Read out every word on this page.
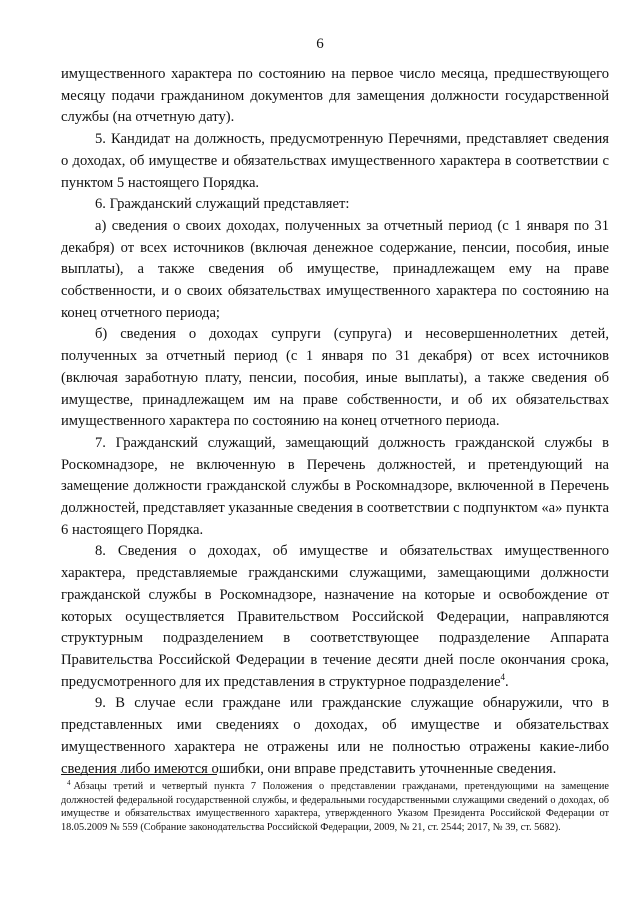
6

имущественного характера по состоянию на первое число месяца, предшествующего месяцу подачи гражданином документов для замещения должности государственной службы (на отчетную дату).

5. Кандидат на должность, предусмотренную Перечнями, представляет сведения о доходах, об имуществе и обязательствах имущественного характера в соответствии с пунктом 5 настоящего Порядка.

6. Гражданский служащий представляет:

а) сведения о своих доходах, полученных за отчетный период (с 1 января по 31 декабря) от всех источников (включая денежное содержание, пенсии, пособия, иные выплаты), а также сведения об имуществе, принадлежащем ему на праве собственности, и о своих обязательствах имущественного характера по состоянию на конец отчетного периода;

б) сведения о доходах супруги (супруга) и несовершеннолетних детей, полученных за отчетный период (с 1 января по 31 декабря) от всех источников (включая заработную плату, пенсии, пособия, иные выплаты), а также сведения об имуществе, принадлежащем им на праве собственности, и об их обязательствах имущественного характера по состоянию на конец отчетного периода.

7. Гражданский служащий, замещающий должность гражданской службы в Роскомнадзоре, не включенную в Перечень должностей, и претендующий на замещение должности гражданской службы в Роскомнадзоре, включенной в Перечень должностей, представляет указанные сведения в соответствии с подпунктом «а» пункта 6 настоящего Порядка.

8. Сведения о доходах, об имуществе и обязательствах имущественного характера, представляемые гражданскими служащими, замещающими должности гражданской службы в Роскомнадзоре, назначение на которые и освобождение от которых осуществляется Правительством Российской Федерации, направляются структурным подразделением в соответствующее подразделение Аппарата Правительства Российской Федерации в течение десяти дней после окончания срока, предусмотренного для их представления в структурное подразделение$^4$.

9. В случае если граждане или гражданские служащие обнаружили, что в представленных ими сведениях о доходах, об имуществе и обязательствах имущественного характера не отражены или не полностью отражены какие-либо сведения либо имеются ошибки, они вправе представить уточненные сведения.

$^4$ Абзацы третий и четвертый пункта 7 Положения о представлении гражданами, претендующими на замещение должностей федеральной государственной службы, и федеральными государственными служащими сведений о доходах, об имуществе и обязательствах имущественного характера, утвержденного Указом Президента Российской Федерации от 18.05.2009 № 559 (Собрание законодательства Российской Федерации, 2009, № 21, ст. 2544; 2017, № 39, ст. 5682).
